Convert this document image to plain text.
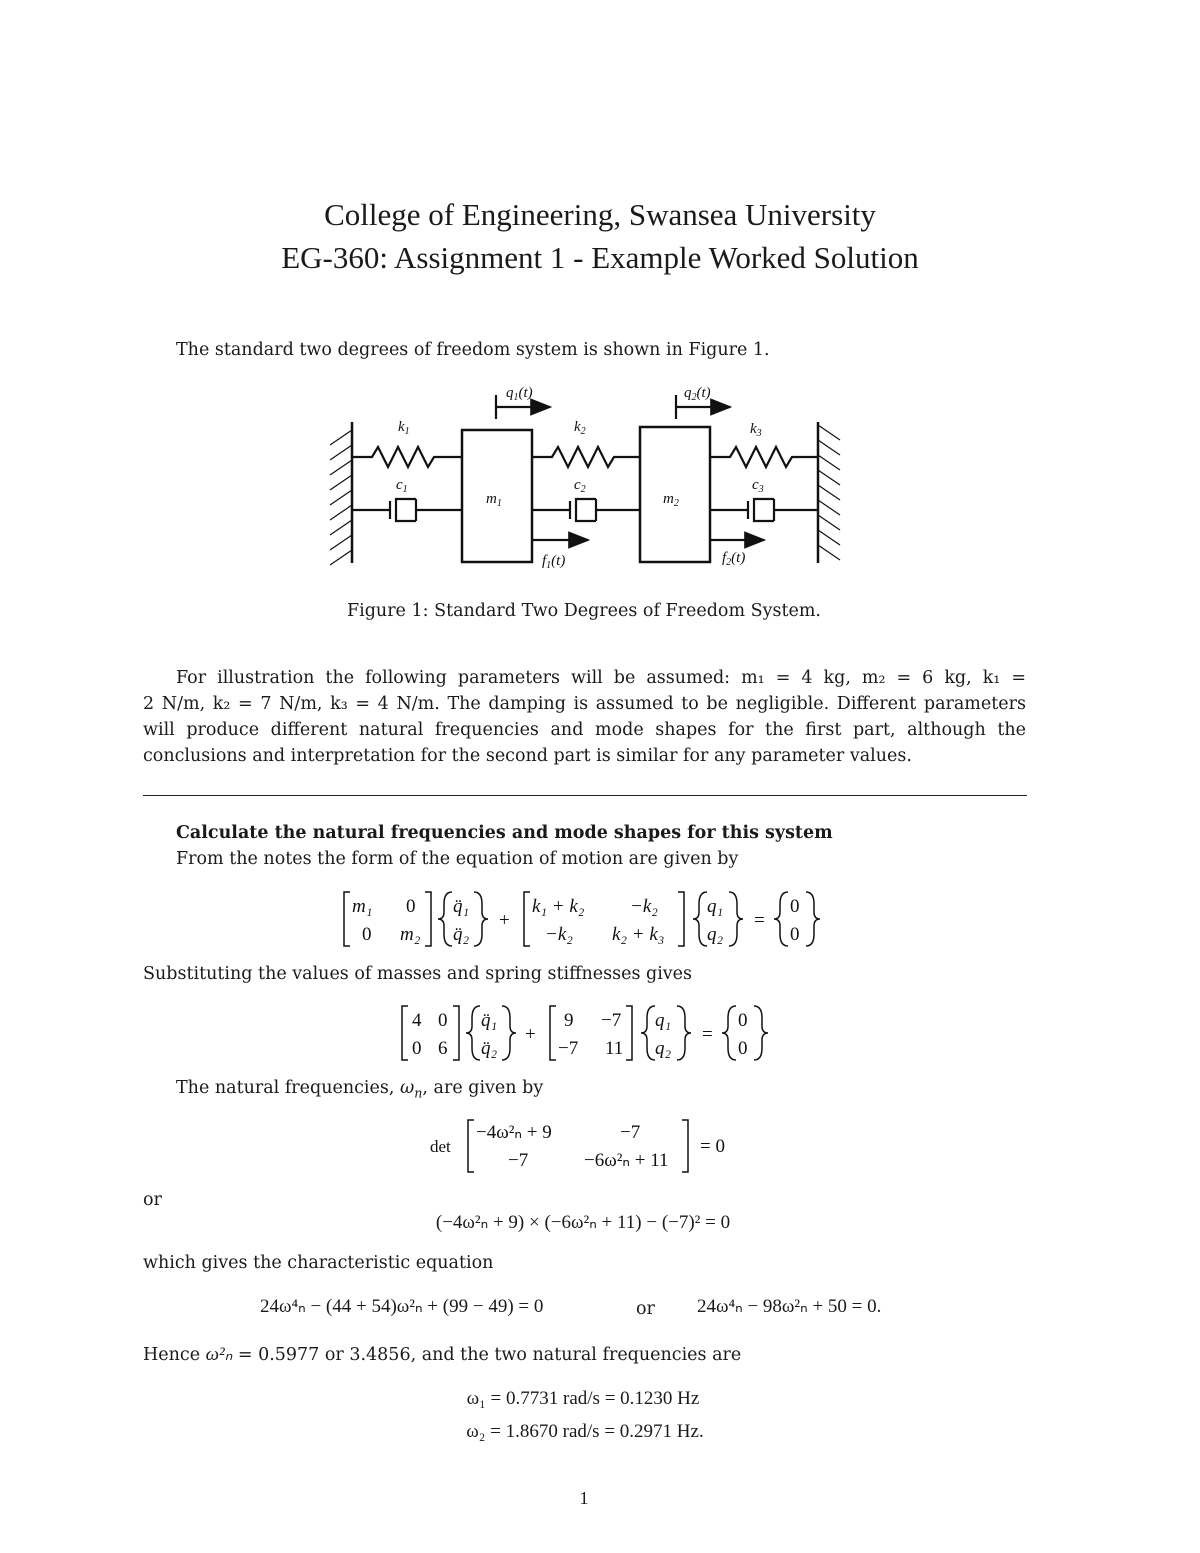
College of Engineering, Swansea University
EG-360: Assignment 1 - Example Worked Solution
The standard two degrees of freedom system is shown in Figure 1.
$q_1(t)$	$q_2(t)$
$k_1$	$k_2$	$k_3$
$c_1$	$c_2$	$c_3$
$m_1$	$m_2$
$f_1(t)$	$f_2(t)$
Figure 1: Standard Two Degrees of Freedom System.
For illustration the following parameters will be assumed: m₁ = 4 kg, m₂ = 6 kg, k₁ =
2 N/m, k₂ = 7 N/m, k₃ = 4 N/m. The damping is assumed to be negligible. Different parameters
will produce different natural frequencies and mode shapes for the first part, although the
conclusions and interpretation for the second part is similar for any parameter values.
Calculate the natural frequencies and mode shapes for this system
From the notes the form of the equation of motion are given by
m₁ 0
0 m₂
q̈₁
q̈₂
+
k₁ + k₂ −k₂
−k₂ k₂ + k₃
q₁
q₂
=
0
0
Substituting the values of masses and spring stiffnesses gives
4 0
0 6
q̈₁
q̈₂
+
9 −7
−7 11
q₁
q₂
=
0
0
The natural frequencies, $\omega_n$, are given by
det
−4ω²ₙ + 9	−7
−7	−6ω²ₙ + 11
= 0
or
(−4ω²ₙ + 9) × (−6ω²ₙ + 11) − (−7)² = 0
which gives the characteristic equation
24ω⁴ₙ − (44 + 54)ω²ₙ + (99 − 49) = 0	or 24ω⁴ₙ − 98ω²ₙ + 50 = 0.
Hence ω²ₙ = 0.5977 or 3.4856, and the two natural frequencies are
ω₁ = 0.7731 rad/s = 0.1230 Hz
ω₂ = 1.8670 rad/s = 0.2971 Hz.
1
